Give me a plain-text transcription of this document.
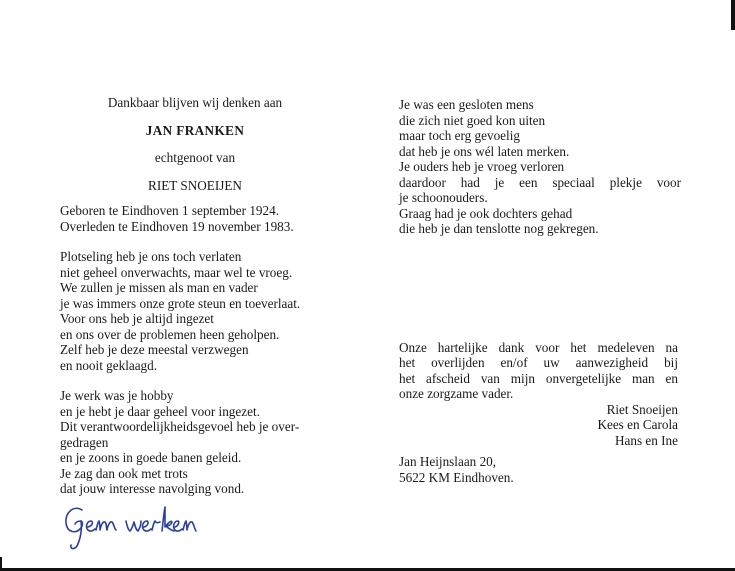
Dankbaar blijven wij denken aan
JAN FRANKEN
echtgenoot van
RIET SNOEIJEN
Geboren te Eindhoven 1 september 1924.
Overleden te Eindhoven 19 november 1983.
Plotseling heb je ons toch verlaten
niet geheel onverwachts, maar wel te vroeg.
We zullen je missen als man en vader
je was immers onze grote steun en toeverlaat.
Voor ons heb je altijd ingezet
en ons over de problemen heen geholpen.
Zelf heb je deze meestal verzwegen
en nooit geklaagd.
Je werk was je hobby
en je hebt je daar geheel voor ingezet.
Dit verantwoordelijkheidsgevoel heb je over-
gedragen
en je zoons in goede banen geleid.
Je zag dan ook met trots
dat jouw interesse navolging vond.
Je was een gesloten mens
die zich niet goed kon uiten
maar toch erg gevoelig
dat heb je ons wél laten merken.
Je ouders heb je vroeg verloren
daardoor had je een speciaal plekje voor
je schoonouders.
Graag had je ook dochters gehad
die heb je dan tenslotte nog gekregen.
Onze hartelijke dank voor het medeleven na
het overlijden en/of uw aanwezigheid bij
het afscheid van mijn onvergetelijke man en
onze zorgzame vader.
Riet Snoeijen
Kees en Carola
Hans en Ine
Jan Heijnslaan 20,
5622 KM Eindhoven.
